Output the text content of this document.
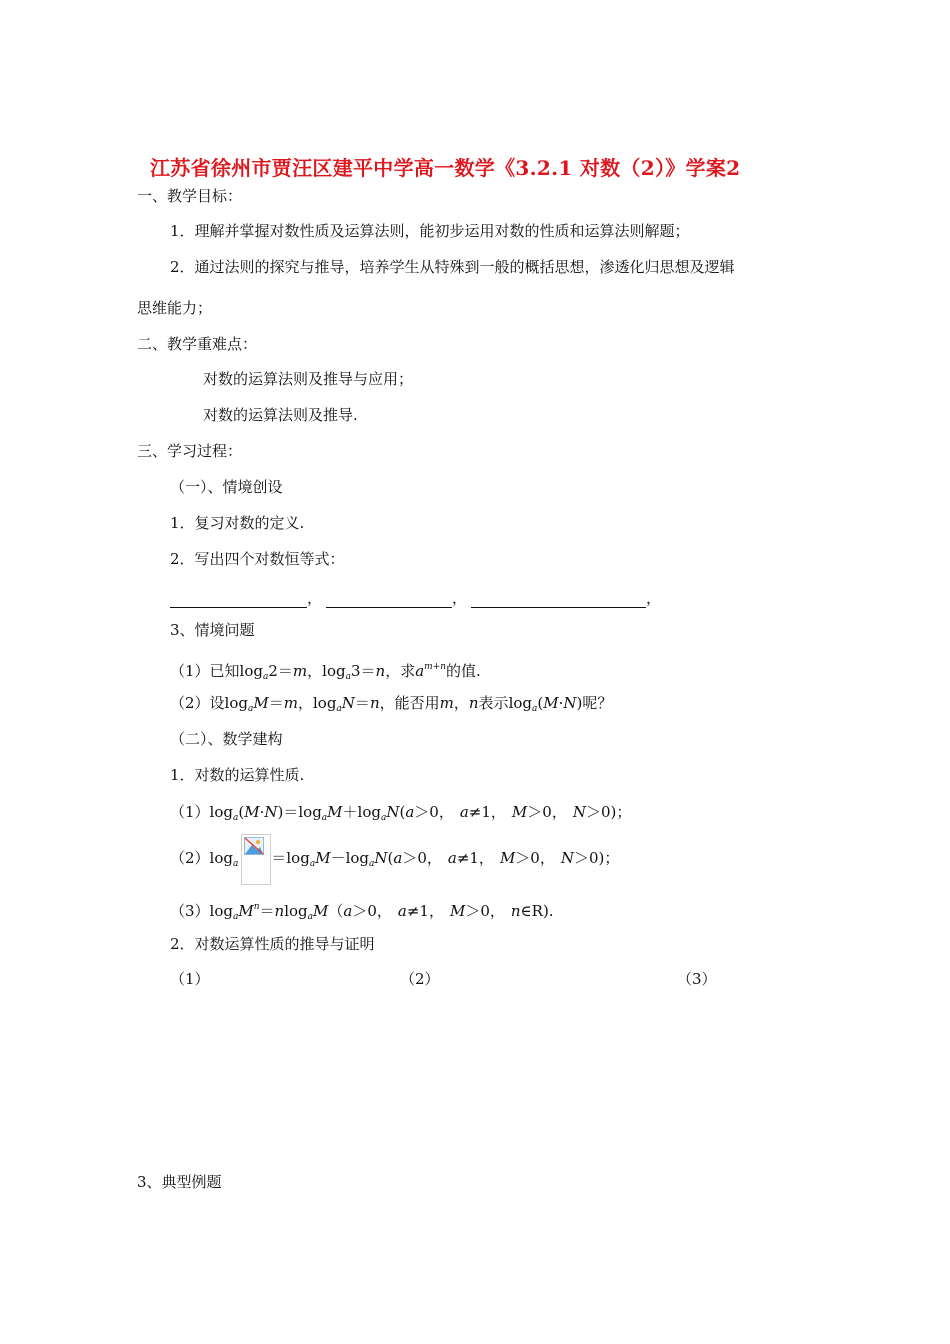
江苏省徐州市贾汪区建平中学高一数学《3.2.1 对数（2）》学案2
一、教学目标：
1．理解并掌握对数性质及运算法则，能初步运用对数的性质和运算法则解题；
2．通过法则的探究与推导，培养学生从特殊到一般的概括思想，渗透化归思想及逻辑
思维能力；
二、教学重难点：
对数的运算法则及推导与应用；
对数的运算法则及推导.
三、学习过程：
（一）、情境创设
1．复习对数的定义.
2．写出四个对数恒等式：
，	，	，
3、情境问题
（1）已知$\log_a2=m$，$\log_a3=n$，求$a^{m+n}$的值.
（2）设$\log_aM=m$，$\log_aN=n$，能否用m，n表示$\log_a(M\cdot N)$呢？
（二）、数学建构
1．对数的运算性质.
$(1)\log_a(M\cdot N)=\log_aM+\log_aN(a>0$， a≠1， M＞0， N＞0)；
$(2)\log_a =\log_aM-\log_aN(a>0$， a≠1， M＞0， N＞0)；
$(3)\log_aM^n=nlog_aM(a>0$， a≠1， M＞0， n∈R).
2．对数运算性质的推导与证明
（1）	（2）	（3）
3、典型例题
